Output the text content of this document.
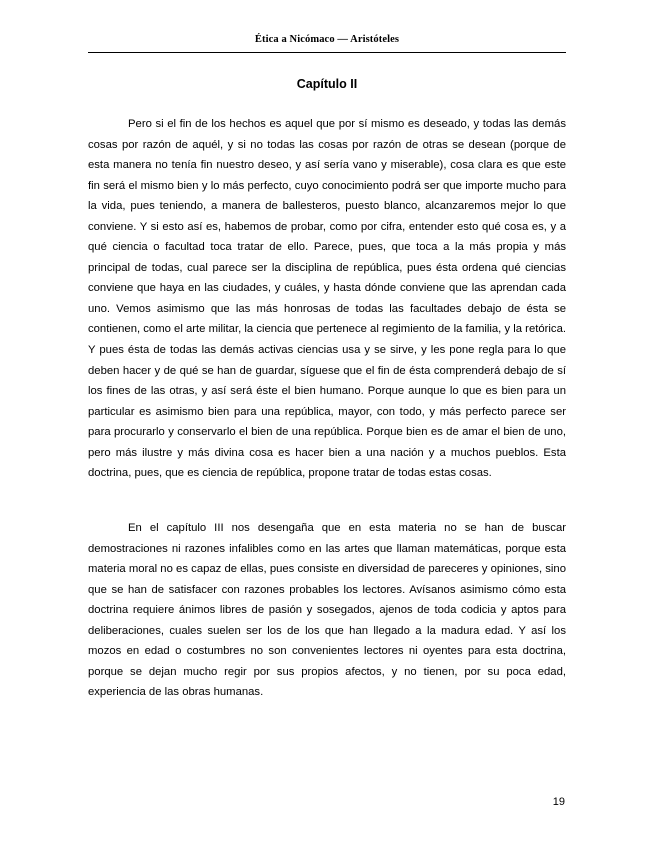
Ética a Nicómaco — Aristóteles
Capítulo II

Pero si el fin de los hechos es aquel que por sí mismo es deseado, y todas las demás cosas por razón de aquél, y si no todas las cosas por razón de otras se desean (porque de esta manera no tenía fin nuestro deseo, y así sería vano y miserable), cosa clara es que este fin será el mismo bien y lo más perfecto, cuyo conocimiento podrá ser que importe mucho para la vida, pues teniendo, a manera de ballesteros, puesto blanco, alcanzaremos mejor lo que conviene. Y si esto así es, habemos de probar, como por cifra, entender esto qué cosa es, y a qué ciencia o facultad toca tratar de ello. Parece, pues, que toca a la más propia y más principal de todas, cual parece ser la disciplina de república, pues ésta ordena qué ciencias conviene que haya en las ciudades, y cuáles, y hasta dónde conviene que las aprendan cada uno. Vemos asimismo que las más honrosas de todas las facultades debajo de ésta se contienen, como el arte militar, la ciencia que pertenece al regimiento de la familia, y la retórica. Y pues ésta de todas las demás activas ciencias usa y se sirve, y les pone regla para lo que deben hacer y de qué se han de guardar, síguese que el fin de ésta comprenderá debajo de sí los fines de las otras, y así será éste el bien humano. Porque aunque lo que es bien para un particular es asimismo bien para una república, mayor, con todo, y más perfecto parece ser para procurarlo y conservarlo el bien de una república. Porque bien es de amar el bien de uno, pero más ilustre y más divina cosa es hacer bien a una nación y a muchos pueblos. Esta doctrina, pues, que es ciencia de república, propone tratar de todas estas cosas.

En el capítulo III nos desengaña que en esta materia no se han de buscar demostraciones ni razones infalibles como en las artes que llaman matemáticas, porque esta materia moral no es capaz de ellas, pues consiste en diversidad de pareceres y opiniones, sino que se han de satisfacer con razones probables los lectores. Avísanos asimismo cómo esta doctrina requiere ánimos libres de pasión y sosegados, ajenos de toda codicia y aptos para deliberaciones, cuales suelen ser los de los que han llegado a la madura edad. Y así los mozos en edad o costumbres no son convenientes lectores ni oyentes para esta doctrina, porque se dejan mucho regir por sus propios afectos, y no tienen, por su poca edad, experiencia de las obras humanas.

19
